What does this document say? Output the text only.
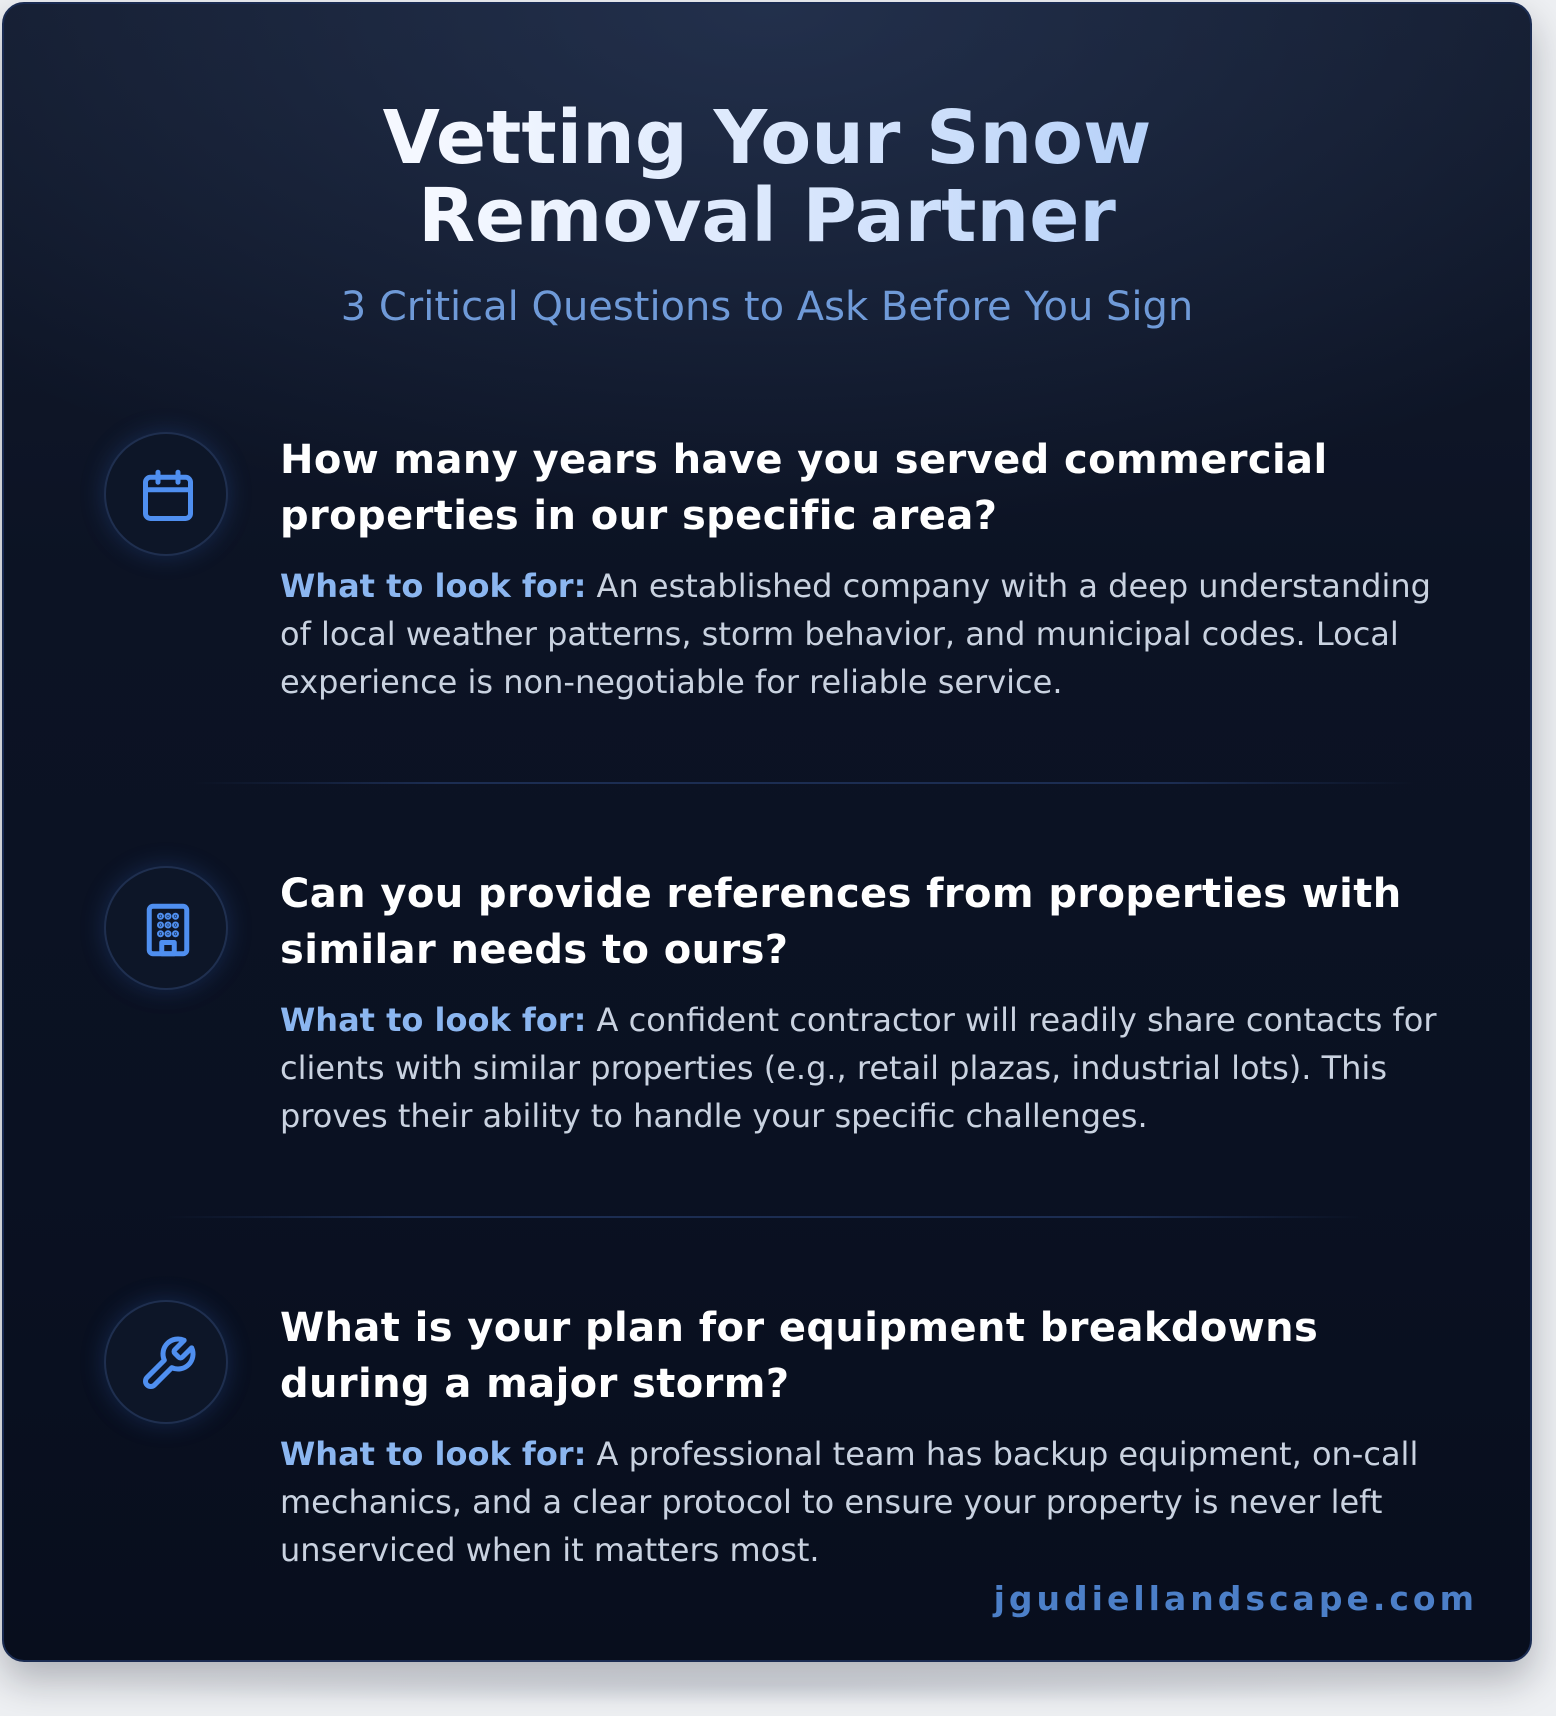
Vetting Your Snow Removal Partner

3 Critical Questions to Ask Before You Sign

How many years have you served commercial properties in our specific area?

What to look for: An established company with a deep understanding of local weather patterns, storm behavior, and municipal codes. Local experience is non-negotiable for reliable service.

Can you provide references from properties with similar needs to ours?

What to look for: A confident contractor will readily share contacts for clients with similar properties (e.g., retail plazas, industrial lots). This proves their ability to handle your specific challenges.

What is your plan for equipment breakdowns during a major storm?

What to look for: A professional team has backup equipment, on-call mechanics, and a clear protocol to ensure your property is never left unserviced when it matters most.

jgudiellandscape.com
